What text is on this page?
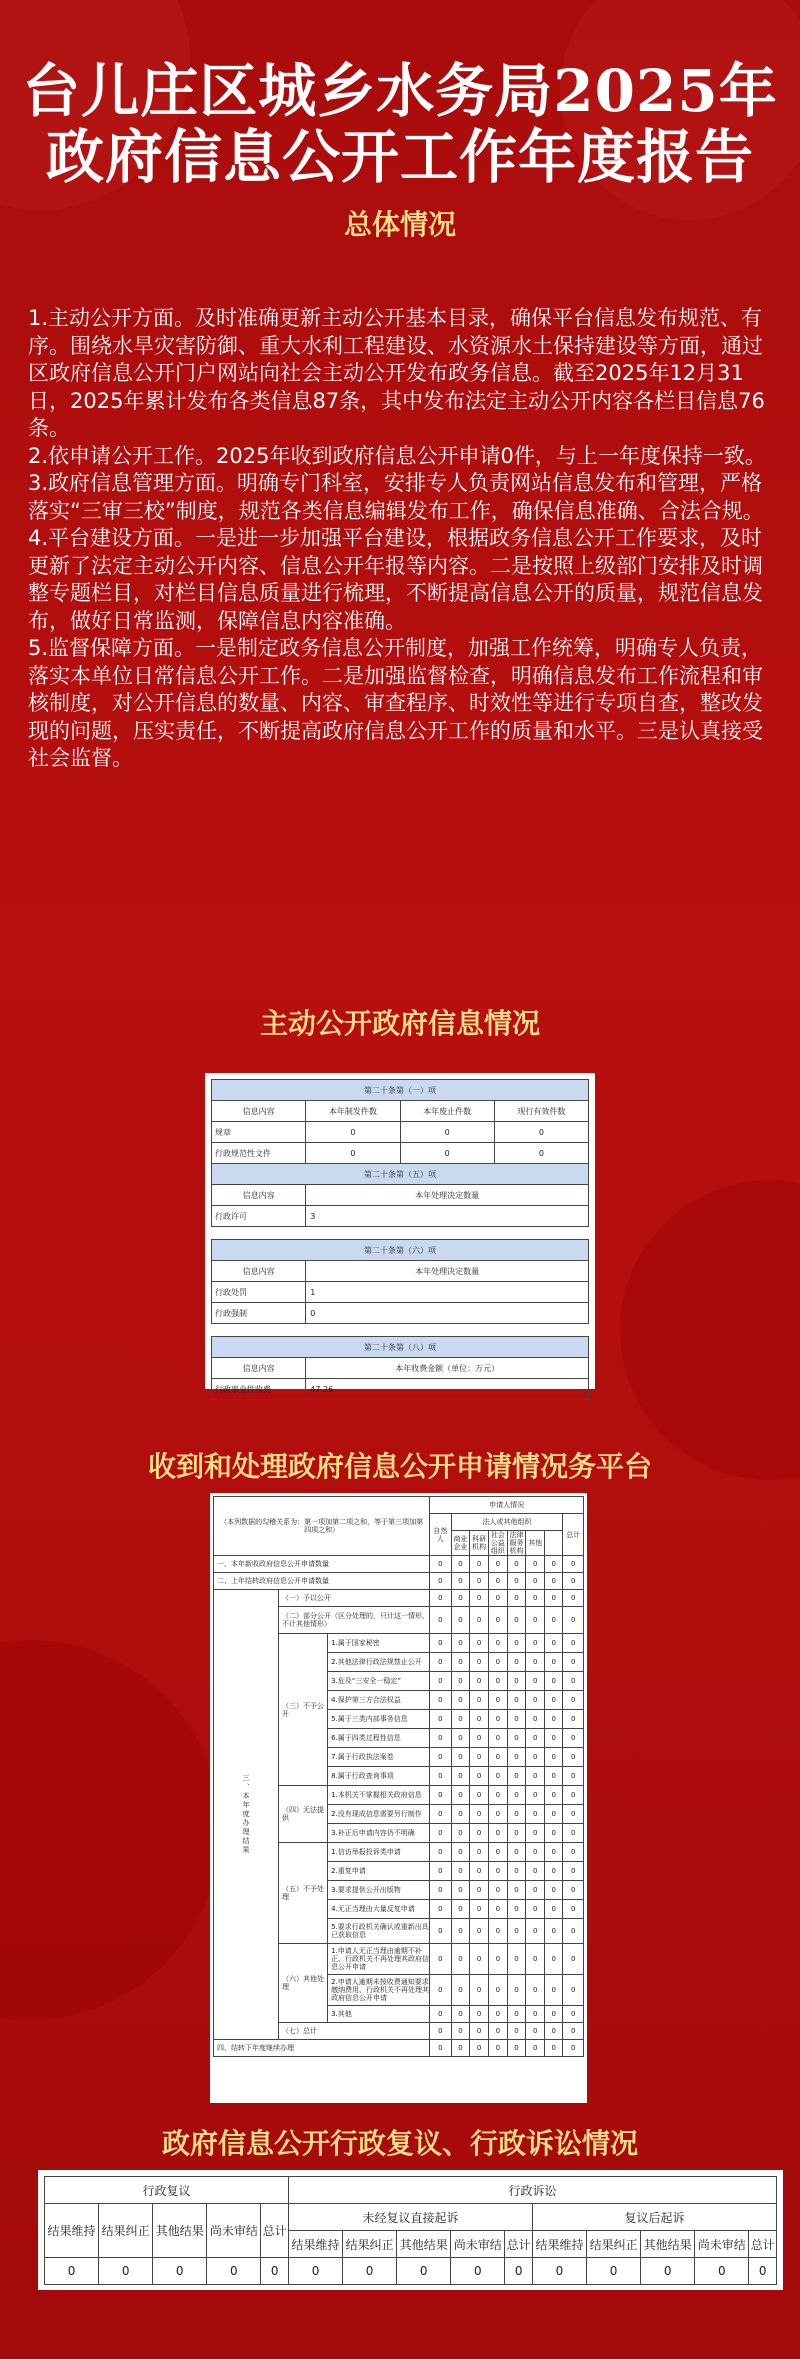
台儿庄区城乡水务局2025年
政府信息公开工作年度报告
总体情况

1.主动公开方面。及时准确更新主动公开基本目录，确保平台信息发布规范、有序。围绕水旱灾害防御、重大水利工程建设、水资源水土保持建设等方面，通过区政府信息公开门户网站向社会主动公开发布政务信息。截至2025年12月31日，2025年累计发布各类信息87条，其中发布法定主动公开内容各栏目信息76条。

2.依申请公开工作。2025年收到政府信息公开申请0件，与上一年度保持一致。

3.政府信息管理方面。明确专门科室，安排专人负责网站信息发布和管理，严格落实“三审三校”制度，规范各类信息编辑发布工作，确保信息准确、合法合规。

4.平台建设方面。一是进一步加强平台建设，根据政务信息公开工作要求，及时更新了法定主动公开内容、信息公开年报等内容。二是按照上级部门安排及时调整专题栏目，对栏目信息质量进行梳理，不断提高信息公开的质量，规范信息发布，做好日常监测，保障信息内容准确。

5.监督保障方面。一是制定政务信息公开制度，加强工作统筹，明确专人负责，落实本单位日常信息公开工作。二是加强监督检查，明确信息发布工作流程和审核制度，对公开信息的数量、内容、审查程序、时效性等进行专项自查，整改发现的问题，压实责任，不断提高政府信息公开工作的质量和水平。三是认真接受社会监督。

主动公开政府信息情况
第二十条第（一）项			
信息内容	本年制发件数	本年废止件数	现行有效件数
规章	0	0	0
行政规范性文件	0	0	0
第二十条第（五）项			
信息内容	本年处理决定数量		
行政许可	3		

第二十条第（六）项			
信息内容	本年处理决定数量		
行政处罚	1		
行政强制	0		

第二十条第（八）项			
信息内容	本年收费金额（单位：万元）		
行政事业性收费	47.26		
收到和处理政府信息公开申请情况务平台
（本列数据的勾稽关系为：第一项加第二项之和，等于第三项加第四项之和）			申请人情况							
			自然人	法人或其他组织						总计
				商业企业	科研机构	社会公益组织	法律服务机构	其他		
一、本年新收政府信息公开申请数量			0	0	0	0	0	0	0	0
二、上年结转政府信息公开申请数量			0	0	0	0	0	0	0	0
三、本年度办理结果	（一）予以公开		0	0	0	0	0	0	0	0
	（二）部分公开（区分处理的，只计这一情形，不计其他情形）		0	0	0	0	0	0	0	0
	（三）不予公开	1.属于国家秘密	0	0	0	0	0	0	0	0
		2.其他法律行政法规禁止公开	0	0	0	0	0	0	0	0
		3.危及“三安全一稳定”	0	0	0	0	0	0	0	0
		4.保护第三方合法权益	0	0	0	0	0	0	0	0
		5.属于三类内部事务信息	0	0	0	0	0	0	0	0
		6.属于四类过程性信息	0	0	0	0	0	0	0	0
		7.属于行政执法案卷	0	0	0	0	0	0	0	0
		8.属于行政查询事项	0	0	0	0	0	0	0	0
	（四）无法提供	1.本机关不掌握相关政府信息	0	0	0	0	0	0	0	0
		2.没有现成信息需要另行制作	0	0	0	0	0	0	0	0
		3.补正后申请内容仍不明确	0	0	0	0	0	0	0	0
	（五）不予处理	1.信访举报投诉类申请	0	0	0	0	0	0	0	0
		2.重复申请	0	0	0	0	0	0	0	0
		3.要求提供公开出版物	0	0	0	0	0	0	0	0
		4.无正当理由大量反复申请	0	0	0	0	0	0	0	0
		5.要求行政机关确认或重新出具已获取信息	0	0	0	0	0	0	0	0
	（六）其他处理	1.申请人无正当理由逾期不补正、行政机关不再处理其政府信息公开申请	0	0	0	0	0	0	0	0
		2.申请人逾期未按收费通知要求缴纳费用、行政机关不再处理其政府信息公开申请	0	0	0	0	0	0	0	0
		3.其他	0	0	0	0	0	0	0	0
	（七）总计		0	0	0	0	0	0	0	0
四、结转下年度继续办理			0	0	0	0	0	0	0	0
政府信息公开行政复议、行政诉讼情况
行政复议					行政诉讼									
结果维持	结果纠正	其他结果	尚未审结	总计	未经复议直接起诉					复议后起诉				
					结果维持	结果纠正	其他结果	尚未审结	总计	结果维持	结果纠正	其他结果	尚未审结	总计
0	0	0	0	0	0	0	0	0	0	0	0	0	0	0
